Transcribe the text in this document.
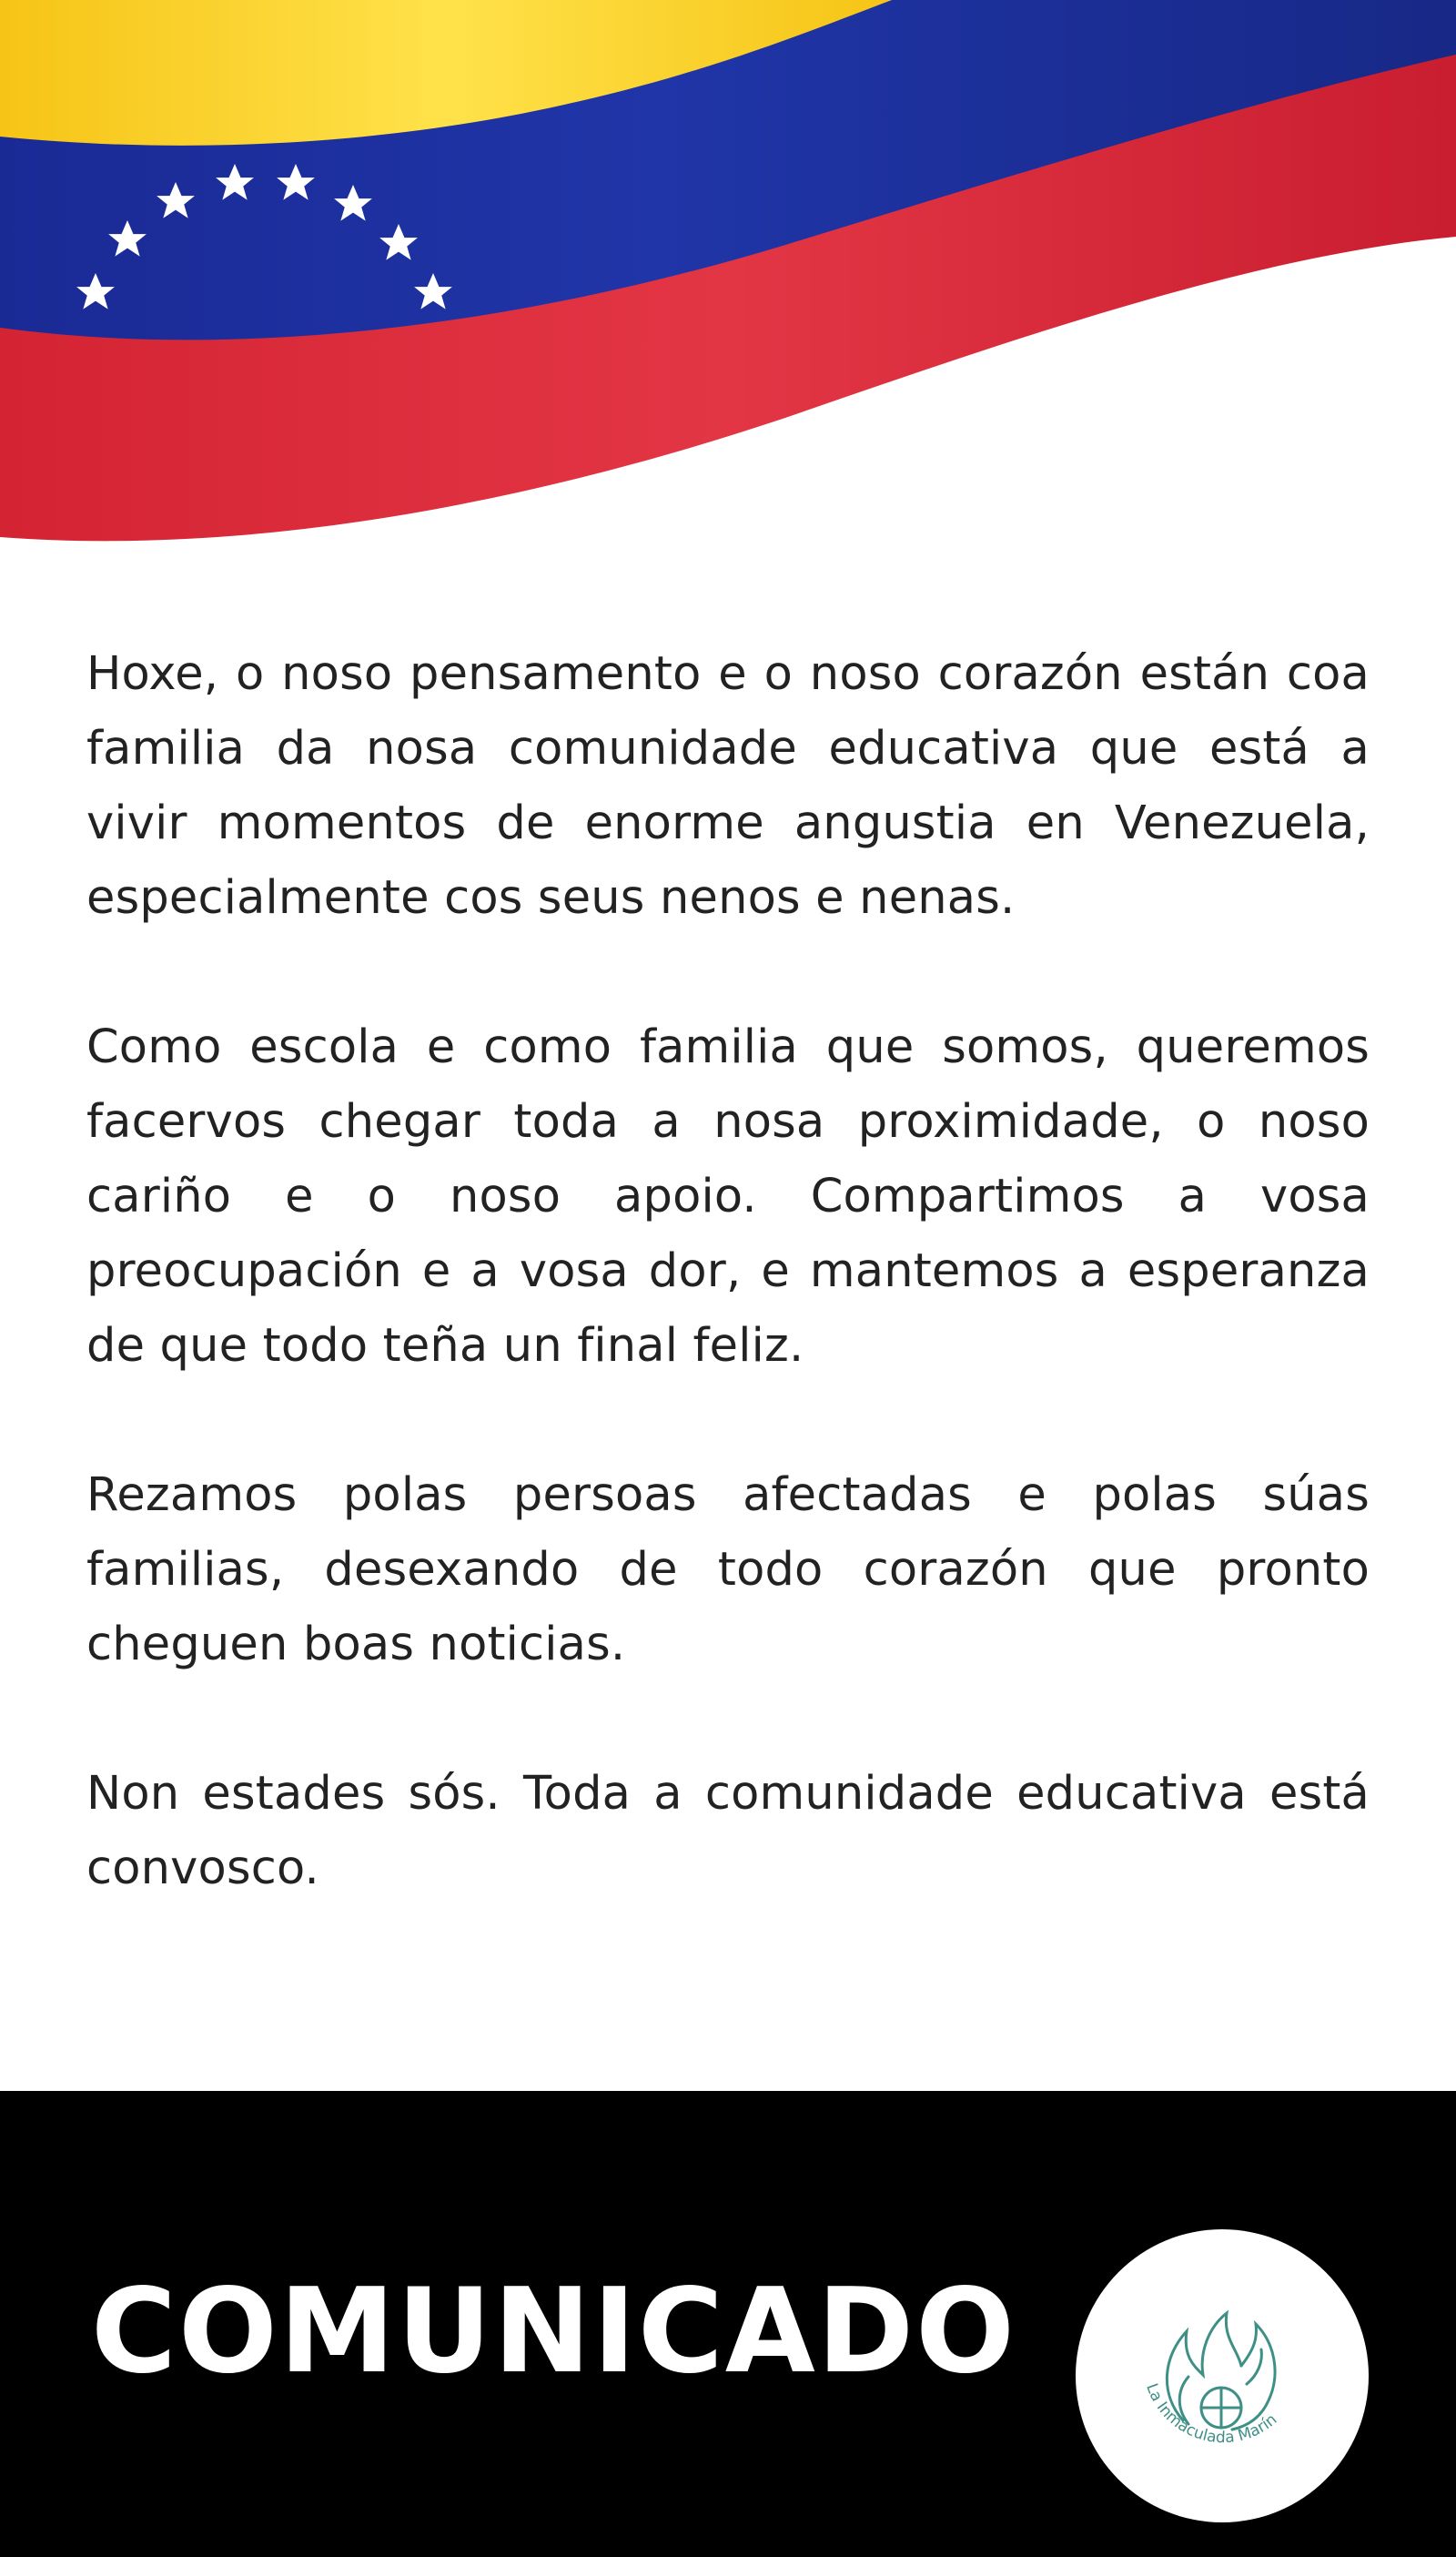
Hoxe, o noso pensamento e o noso corazón están coa familia da nosa comunidade educativa que está a vivir momentos de enorme angustia en Venezuela, especialmente cos seus nenos e nenas.

Como escola e como familia que somos, queremos facervos chegar toda a nosa proximidade, o noso cariño e o noso apoio. Compartimos a vosa preocupación e a vosa dor, e mantemos a esperanza de que todo teña un final feliz.

Rezamos polas persoas afectadas e polas súas familias, desexando de todo corazón que pronto cheguen boas noticias.

Non estades sós. Toda a comunidade educativa está convosco.

COMUNICADO	La Inmaculada Marín
